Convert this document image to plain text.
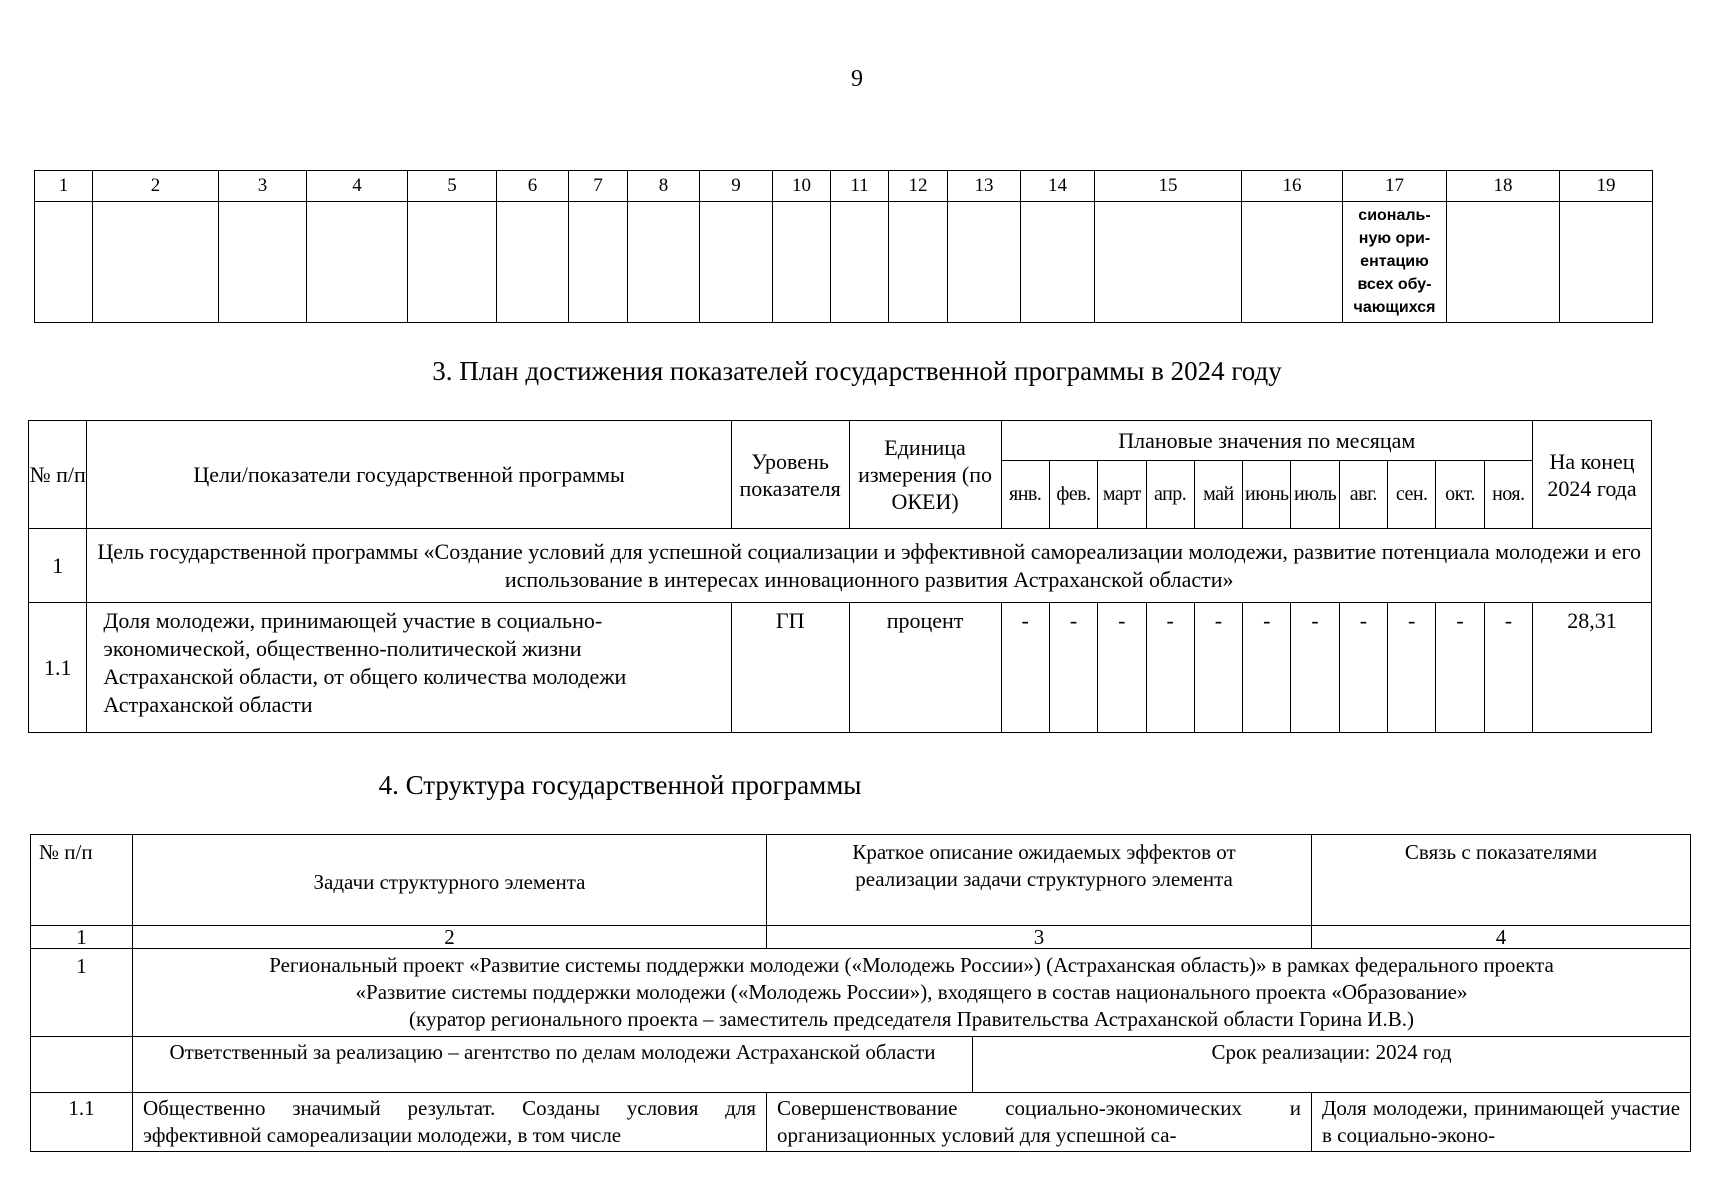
9
1	2	3	4	5	6	7	8	9	10	11	12	13	14	15	16	17	18	19

																сиональ-
ную ори-
ентацию
всех обу-
чающихся		

3. План достижения показателей государственной программы в 2024 году
№ п/п	Цели/показатели государственной программы	Уровень показателя	Единица измерения (по ОКЕИ)	Плановые значения по месяцам											На конец 2024 года
				янв.	фев.	март	апр.	май	июнь	июль	авг.	сен.	окт.	ноя.	
1	Цель государственной программы «Создание условий для успешной социализации и эффективной самореализации молодежи, развитие потенциала молодежи и его использование в интересах инновационного развития Астраханской области»														
1.1	Доля молодежи, принимающей участие в социально-экономической, общественно-политической жизни Астраханской области, от общего количества молодежи Астраханской области	ГП	процент	-	-	-	-	-	-	-	-	-	-	-	28,31
4. Структура государственной программы
№ п/п	Задачи структурного элемента	Краткое описание ожидаемых эффектов от реализации задачи структурного элемента		Связь с показателями
1	2	3		4
1	Региональный проект «Развитие системы поддержки молодежи («Молодежь России») (Астраханская область)» в рамках федерального проекта
«Развитие системы поддержки молодежи («Молодежь России»), входящего в состав национального проекта «Образование»
(куратор регионального проекта – заместитель председателя Правительства Астраханской области Горина И.В.)			

	Ответственный за реализацию – агентство по делам молодежи Астраханской области		Срок реализации: 2024 год	
1.1	Общественно значимый результат. Созданы условия для эффективной самореализации молодежи, в том числе	Совершенствование социально-экономических и организационных условий для успешной са-		Доля молодежи, принимающей участие в социально-эконо-
